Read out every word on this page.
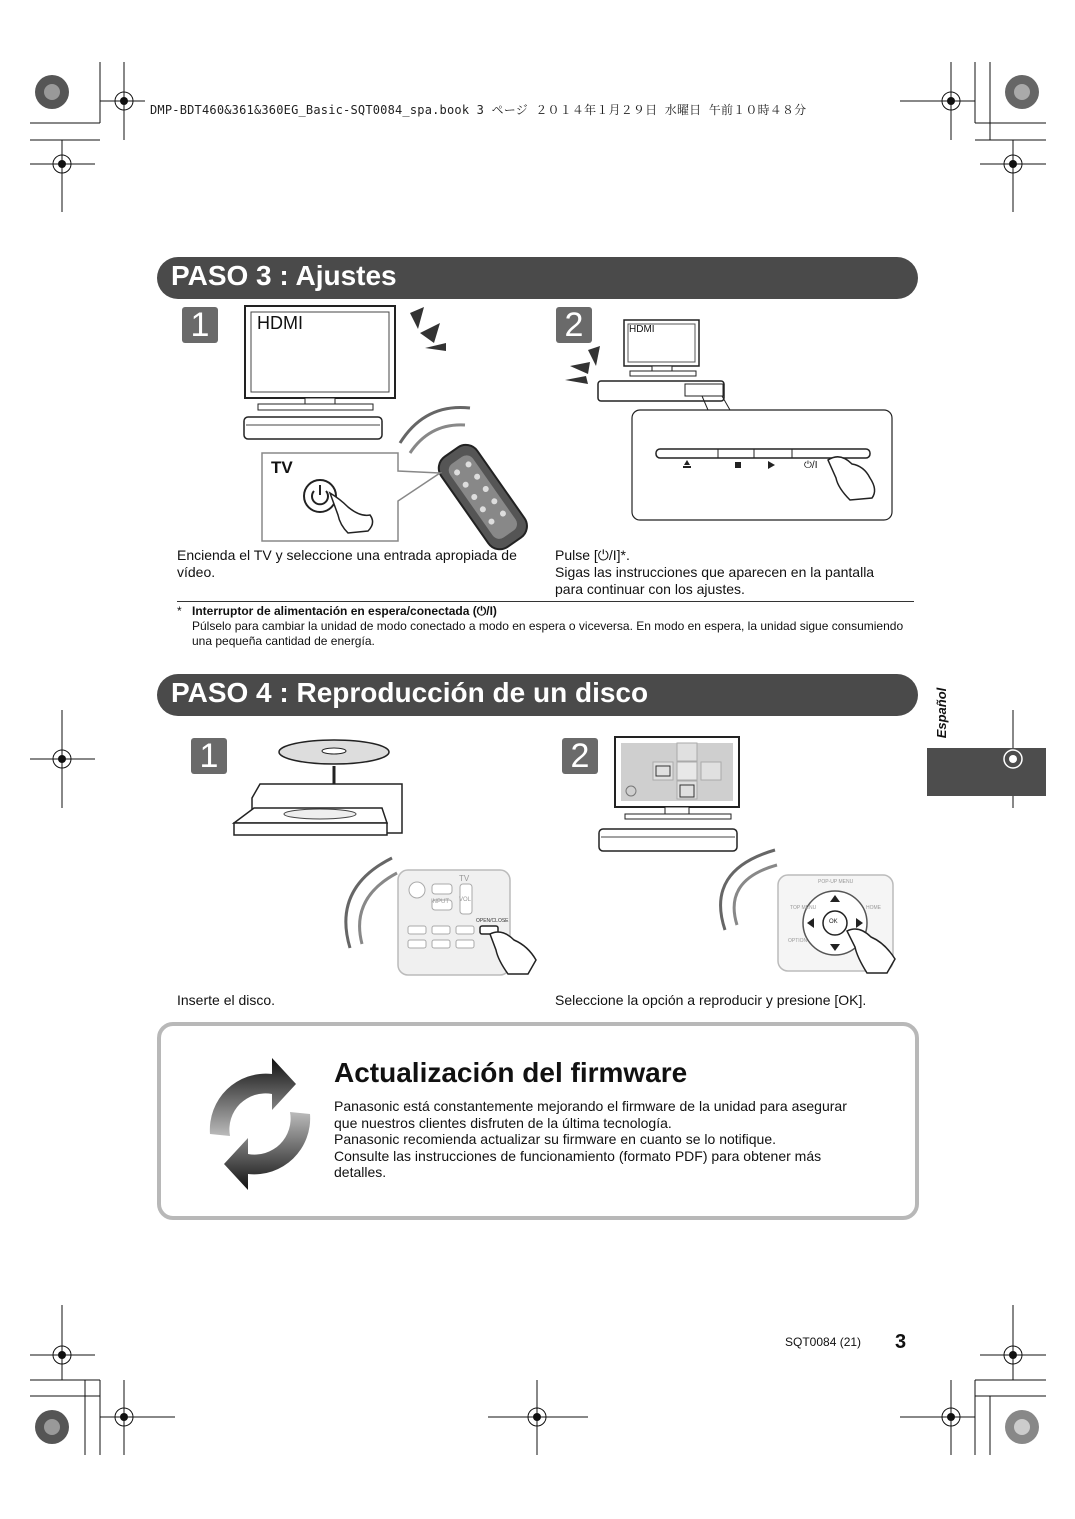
DMP-BDT460&361&360EG_Basic-SQT0084_spa.book 3 ページ ２０１４年１月２９日 水曜日 午前１０時４８分
PASO 3 : Ajustes
1	HDMI
TV
Encienda el TV y seleccione una entrada apropiada de
vídeo.
2	HDMI
⏻/I
Pulse [⏻/I]*.
Sigas las instrucciones que aparecen en la pantalla
para continuar con los ajustes.
* Interruptor de alimentación en espera/conectada (⏻/I)
Púlselo para cambiar la unidad de modo conectado a modo en espera o viceversa. En modo en espera, la unidad sigue consumiendo una pequeña cantidad de energía.
PASO 4 : Reproducción de un disco	Español
1
TV
INPUT VOL
OPEN/CLOSE
Inserte el disco.
2
POP-UP MENU
TOP MENU	HOME
OPTION
OK
Seleccione la opción a reproducir y presione [OK].
Actualización del firmware
Panasonic está constantemente mejorando el firmware de la unidad para asegurar
que nuestros clientes disfruten de la última tecnología.
Panasonic recomienda actualizar su firmware en cuanto se lo notifique.
Consulte las instrucciones de funcionamiento (formato PDF) para obtener más
detalles.
SQT0084 (21) 3
